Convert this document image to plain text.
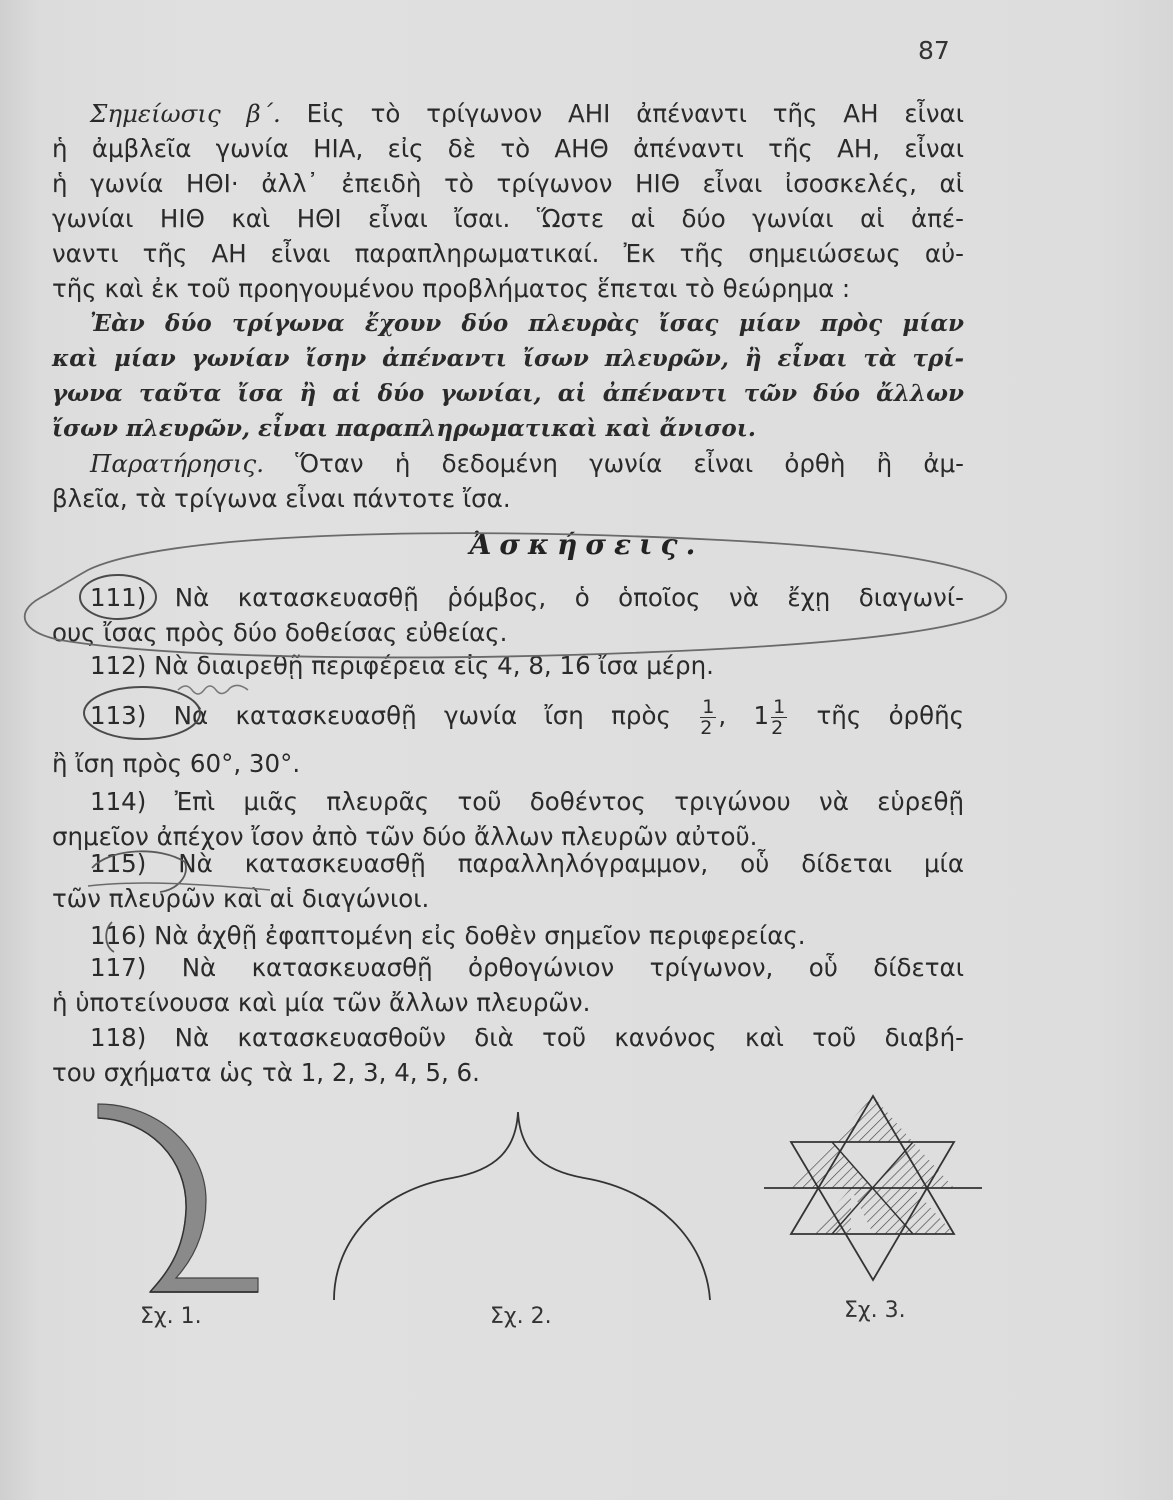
87
Σημείωσις β΄. Εἰς τὸ τρίγωνον ΑΗΙ ἀπέναντι τῆς ΑΗ εἶναι
ἡ ἀμβλεῖα γωνία ΗΙΑ, εἰς δὲ τὸ ΑΗΘ ἀπέναντι τῆς ΑΗ, εἶναι
ἡ γωνία ΗΘΙ· ἀλλ᾽ ἐπειδὴ τὸ τρίγωνον ΗΙΘ εἶναι ἰσοσκελές, αἱ
γωνίαι ΗΙΘ καὶ ΗΘΙ εἶναι ἴσαι. Ὥστε αἱ δύο γωνίαι αἱ ἀπέ-
ναντι τῆς ΑΗ εἶναι παραπληρωματικαί. Ἐκ τῆς σημειώσεως αὐ-
τῆς καὶ ἐκ τοῦ προηγουμένου προβλήματος ἕπεται τὸ θεώρημα :
Ἐὰν δύο τρίγωνα ἔχουν δύο πλευρὰς ἴσας μίαν πρὸς μίαν
καὶ μίαν γωνίαν ἴσην ἀπέναντι ἴσων πλευρῶν, ἢ εἶναι τὰ τρί-
γωνα ταῦτα ἴσα ἢ αἱ δύο γωνίαι, αἱ ἀπέναντι τῶν δύο ἄλλων
ἴσων πλευρῶν, εἶναι παραπληρωματικαὶ καὶ ἄνισοι.
Παρατήρησις. Ὅταν ἡ δεδομένη γωνία εἶναι ὀρθὴ ἢ ἀμ-
βλεῖα, τὰ τρίγωνα εἶναι πάντοτε ἴσα.
Ἀσκήσεις.
111) Νὰ κατασκευασθῇ ῥόμβος, ὁ ὁποῖος νὰ ἔχῃ διαγωνί-
ους ἴσας πρὸς δύο δοθείσας εὐθείας.
112) Νὰ διαιρεθῇ περιφέρεια εἰς 4, 8, 16 ἴσα μέρη.
113) Νὰ κατασκευασθῇ γωνία ἴση πρὸς $\frac{1}{2}$ , $1 \frac{1}{2}$ τῆς ὀρθῆς
ἢ ἴση πρὸς 60°, 30°.
114) Ἐπὶ μιᾶς πλευρᾶς τοῦ δοθέντος τριγώνου νὰ εὑρεθῇ
σημεῖον ἀπέχον ἴσον ἀπὸ τῶν δύο ἄλλων πλευρῶν αὐτοῦ.
115) Νὰ κατασκευασθῇ παραλληλόγραμμον, οὗ δίδεται μία
τῶν πλευρῶν καὶ αἱ διαγώνιοι.
116) Νὰ ἀχθῇ ἐφαπτομένη εἰς δοθὲν σημεῖον περιφερείας.
117) Νὰ κατασκευασθῇ ὀρθογώνιον τρίγωνον, οὗ δίδεται
ἡ ὑποτείνουσα καὶ μία τῶν ἄλλων πλευρῶν.
118) Νὰ κατασκευασθοῦν διὰ τοῦ κανόνος καὶ τοῦ διαβή-
του σχήματα ὡς τὰ 1, 2, 3, 4, 5, 6.
Σχ. 1.	Σχ. 2.	Σχ. 3.
